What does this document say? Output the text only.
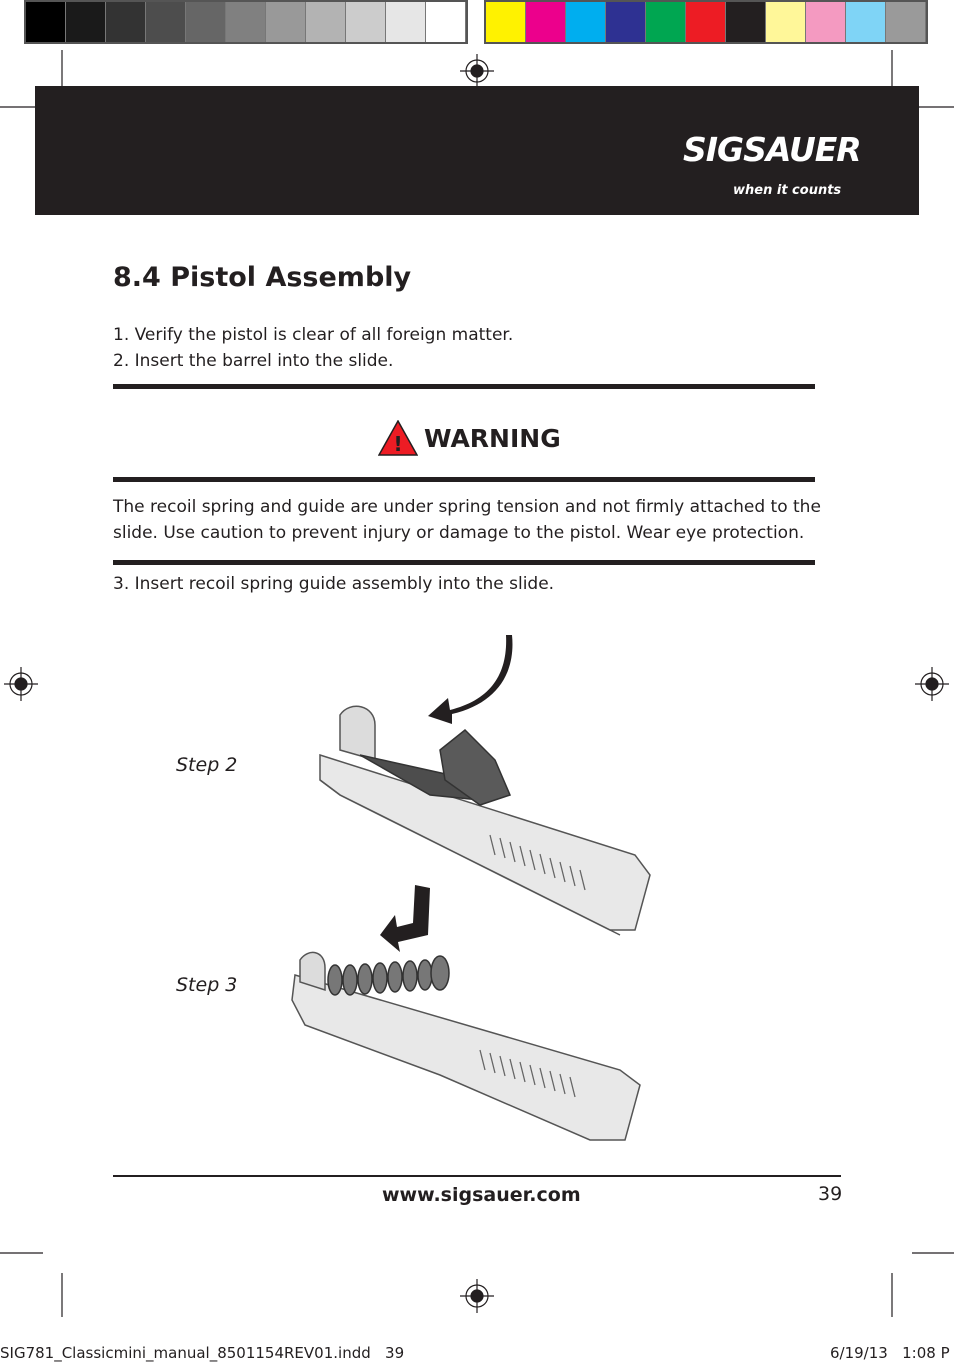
SIGSAUER
when it counts
8.4 Pistol Assembly
1. Verify the pistol is clear of all foreign matter.
2. Insert the barrel into the slide.
! WARNING
The recoil spring and guide are under spring tension and not firmly attached to the slide. Use caution to prevent injury or damage to the pistol. Wear eye protection.
3. Insert recoil spring guide assembly into the slide.
Step 2
Step 3
www.sigsauer.com	39
SIG781_Classicmini_manual_8501154REV01.indd   39	6/19/13   1:08 P
